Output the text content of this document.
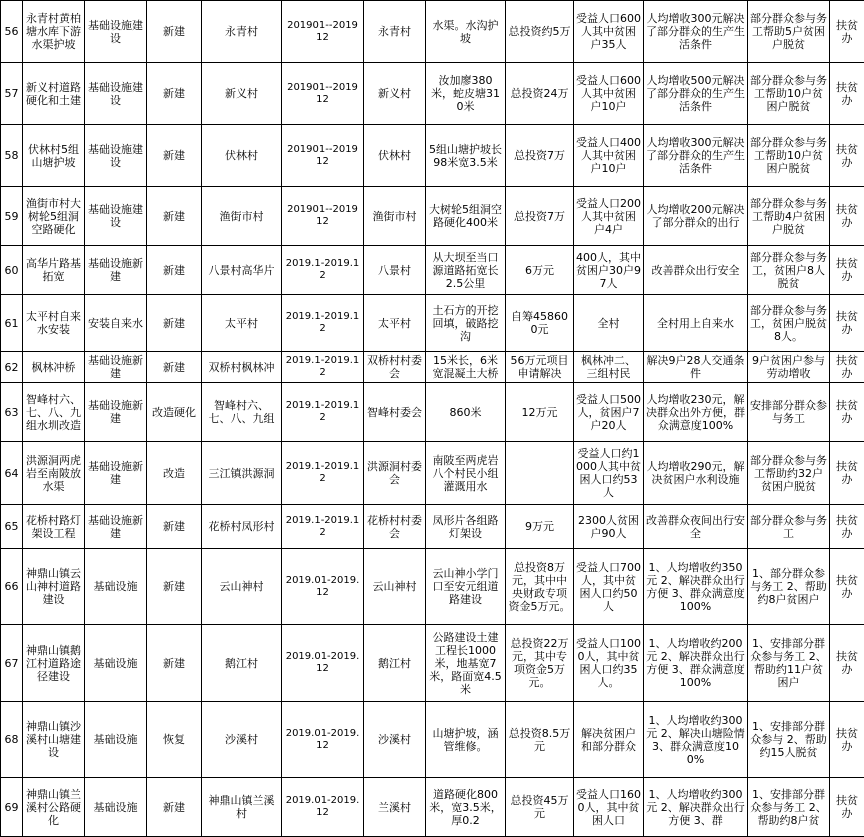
56	永青村黄柏塘水库下游水渠护坡	基础设施建设	新建	永青村	201901--201912	永青村	水渠。水沟护坡	总投资约5万	受益人口600人其中贫困户35人	人均增收300元解决了部分群众的生产生活条件	部分群众参与务工帮助5户贫困户脱贫	扶贫办
57	新义村道路硬化和土建	基础设施建设	新建	新义村	201901--201912	新义村	汝加廖380米，蛇皮塘310米	总投资24万	受益人口600人其中贫困户10户	人均增收500元解决了部分群众的生产生活条件	部分群众参与务工帮助10户贫困户脱贫	扶贫办
58	伏林村5组山塘护坡	基础设施建设	新建	伏林村	201901--201912	伏林村	5组山塘护坡长98米宽3.5米	总投资7万	受益人口400人其中贫困户10户	人均增收300元解决了部分群众的生产生活条件	部分群众参与务工帮助10户贫困户脱贫	扶贫办
59	渔街市村大树轮5组洞空路硬化	基础设施建设	新建	渔街市村	201901--201912	渔街市村	大树轮5组洞空路硬化400米	总投资7万	受益人口200人其中贫困户4户	人均增收200元解决了部分群众的出行	部分群众参与务工帮助4户贫困户脱贫	扶贫办
60	高华片路基拓宽	基础设施新建	新建	八景村高华片	2019.1-2019.12	八景村	从大坝至当口源道路拓宽长2.5公里	6万元	400人，其中贫困户30户97人	改善群众出行安全	部分群众参与务工，贫困户8人脱贫	扶贫办
61	太平村自来水安装	安装自来水	新建	太平村	2019.1-2019.12	太平村	土石方的开挖回填，破路挖沟	自筹458600元	全村	全村用上自来水	部分群众参与务工，贫困户脱贫8人。	扶贫办
62	枫林冲桥	基础设施新建	新建	双桥村枫林冲	2019.1-2019.12	双桥村村委会	15米长，6米宽混凝土大桥	56万元项目申请解决	枫林冲二、三组村民	解决9户28人交通条件	9户贫困户参与劳动增收	扶贫办
63	智峰村六、七、八、九组水圳改造	基础设施新建	改造硬化	智峰村六、七、八、九组	2019.1-2019.12	智峰村委会	860米	12万元	受益人口500人，贫困户7户20人	人均增收230元，解决群众出外方便，群众满意度100%	安排部分群众参与务工	扶贫办
64	洪源洞两虎岩至南陂放水渠	基础设施新建	改造	三江镇洪源洞	2019.1-2019.12	洪源洞村委会	南陂至两虎岩八个村民小组灌溉用水		受益人口约1000人其中贫困人口约53人	人均增收290元，解决贫困户水利设施	部分群众参与务工帮助约32户贫困户脱贫	扶贫办
65	花桥村路灯架设工程	基础设施新建	新建	花桥村凤形村	2019.1-2019.12	花桥村村委会	凤形片各组路灯架设	9万元	2300人贫困户90人	改善群众夜间出行安全	部分群众参与务工	扶贫办
66	神鼎山镇云山神村道路建设	基础设施	新建	云山神村	2019.01-2019.12	云山神村	云山神小学门口至安元组道路建设	总投资8万元，其中中央财政专项资金5万元。	受益人口700人，其中贫困人口约50人	1、人均增收约350元 2、解决群众出行方便 3、群众满意度100%	1、部分群众参与务工 2、帮助约8户贫困户	扶贫办
67	神鼎山镇鹅江村道路途径建设	基础设施	新建	鹅江村	2019.01-2019.12	鹅江村	公路建设土建工程长1000米，地基宽7米，路面宽4.5米	总投资22万元，其中专项资金5万元。	受益人口1000人，其中贫困人口约35人。	1、人均增收约200元 2、解决群众出行方便 3、群众满意度100%	1、安排部分群众参与务工 2、帮助约11户贫困户	扶贫办
68	神鼎山镇沙溪村山塘建设	基础设施	恢复	沙溪村	2019.01-2019.12	沙溪村	山塘护坡，涵管维修。	总投资8.5万元	解决贫困户和部分群众	1、人均增收约300元 2、解决山塘险情 3、群众满意度100%	1、安排部分群众参与 2、帮助约15人脱贫	扶贫办
69	神鼎山镇兰溪村公路硬化	基础设施	新建	神鼎山镇兰溪村	2019.01-2019.12	兰溪村	道路硬化800米，宽3.5米，厚0.2	总投资45万元	受益人口1600人，其中贫困人口	1、人均增收约300元 2、解决群众出行方便 3、群	1、安排部分群众参与务工 2、帮助约8户贫	扶贫办
